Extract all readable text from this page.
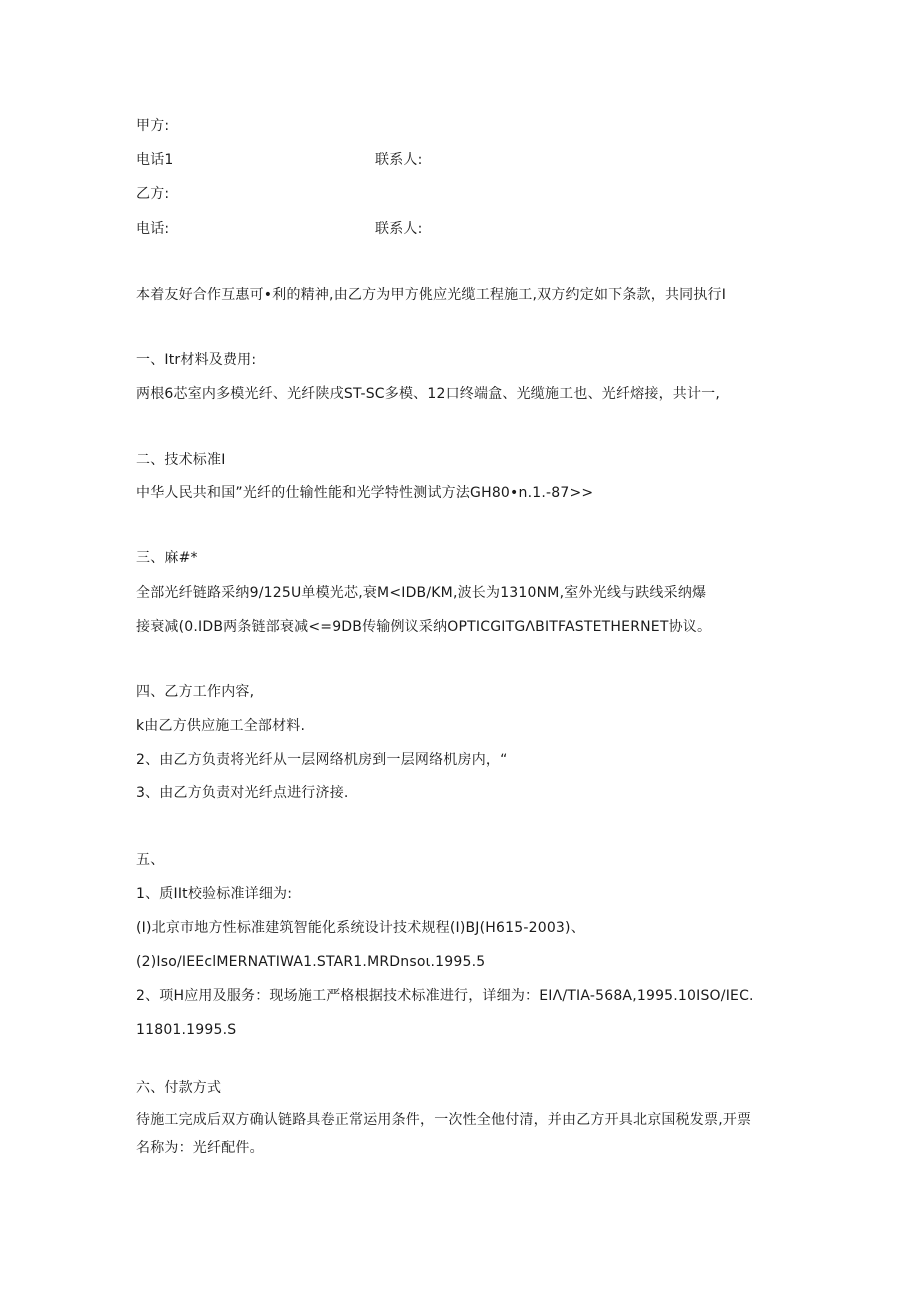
甲方:
电话1	联系人:
乙方:
电话:	联系人:
本着友好合作互惠可•利的精神,由乙方为甲方佻应光缆工程施工,双方约定如下条款，共同执行I
一、Itr材料及费用:
两根6芯室内多模光纤、光纤陕戌ST-SC多模、12口终端盒、光缆施工也、光纤熔接，共计一,
二、技术标准I
中华人民共和国”光纤的仕输性能和光学特性测试方法GH80•n.1.-87>>
三、麻#*
全部光纤链路采纳9/125U单模光芯,衰M<IDB/KM,波长为1310NM,室外光线与趺线采纳爆
接衰减(0.IDB两条链部衰减<=9DB传输例议采纳OPTICGITGΛBITFASTETHERNET协议。
四、乙方工作内容,
k由乙方供应施工全部材料.
2、由乙方负责将光纤从一层网络机房到一层网络机房内，“
3、由乙方负责对光纤点进行济接.
五、
1、质IIt校验标准详细为:
(I)北京市地方性标准建筑智能化系统设计技术规程(I)BJ(H615-2003)、
(2)Iso/IEEclMERNATIWA1.STAR1.MRDnsoι.1995.5
2、项H应用及服务：现场施工严格根据技术标准进行，详细为：EIΛ/TIA-568A,1995.10ISO/IEC.
11801.1995.S
六、付款方式
待施工完成后双方确认链路具卷正常运用条件，一次性全他付清，并由乙方开具北京国税发票,开票
名称为：光纤配件。
